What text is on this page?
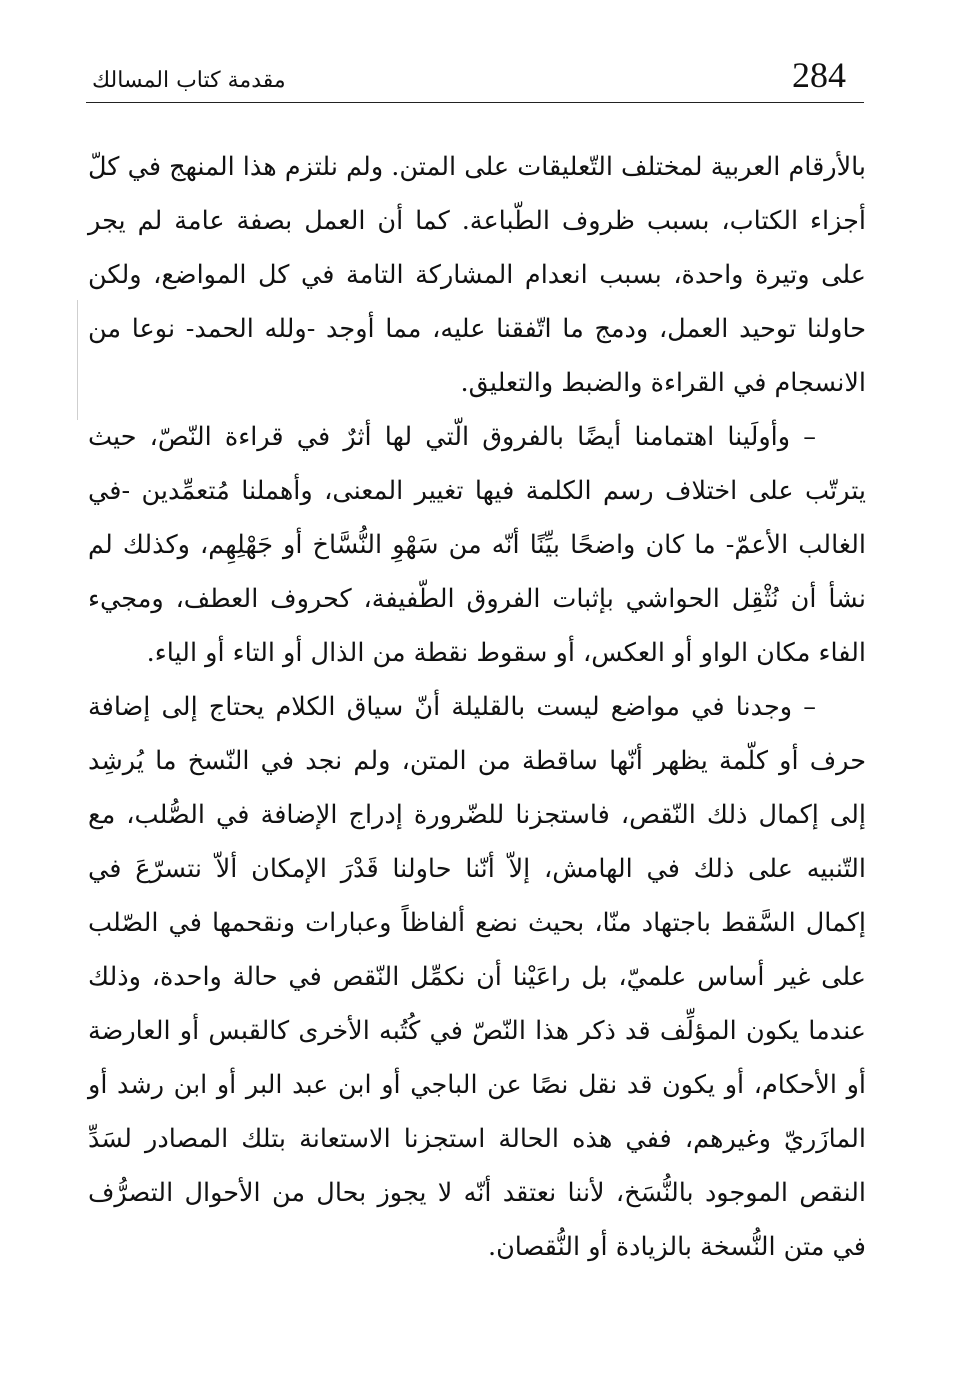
284
مقدمة كتاب المسالك

بالأرقام العربية لمختلف التّعليقات على المتن. ولم نلتزم هذا المنهج في كلّ أجزاء الكتاب، بسبب ظروف الطّباعة. كما أن العمل بصفة عامة لم يجر على وتيرة واحدة، بسبب انعدام المشاركة التامة في كل المواضع، ولكن حاولنا توحيد العمل، ودمج ما اتّفقنا عليه، مما أوجد -ولله الحمد- نوعا من الانسجام في القراءة والضبط والتعليق.

– وأولَينا اهتمامنا أيضًا بالفروق الّتي لها أثرٌ في قراءة النّصّ، حيث يترتّب على اختلاف رسم الكلمة فيها تغيير المعنى، وأهملنا مُتعمِّدين -في الغالب الأعمّ- ما كان واضحًا بيِّنًا أنّه من سَهْوِ النُّسَّاخ أو جَهْلِهِم، وكذلك لم نشأ أن نُثْقِل الحواشي بإثبات الفروق الطّفيفة، كحروف العطف، ومجيء الفاء مكان الواو أو العكس، أو سقوط نقطة من الذال أو التاء أو الياء.

– وجدنا في مواضع ليست بالقليلة أنّ سياق الكلام يحتاج إلى إضافة حرف أو كلّمة يظهر أنّها ساقطة من المتن، ولم نجد في النّسخ ما يُرشِد إلى إكمال ذلك النّقص، فاستجزنا للضّرورة إدراج الإضافة في الصُّلب، مع التّنبيه على ذلك في الهامش، إلاّ أنّنا حاولنا قَدْرَ الإمكان ألاّ نتسرّعَ في إكمال السَّقط باجتهاد منّا، بحيث نضع ألفاظاً وعبارات ونقحمها في الصّلب على غير أساس علميّ، بل راعَيْنا أن نكمِّل النّقص في حالة واحدة، وذلك عندما يكون المؤلِّف قد ذكر هذا النّصّ في كُتُبه الأخرى كالقبس أو العارضة أو الأحكام، أو يكون قد نقل نصًا عن الباجي أو ابن عبد البر أو ابن رشد أو المازَريّ وغيرهم، ففي هذه الحالة استجزنا الاستعانة بتلك المصادر لسَدِّ النقص الموجود بالنُّسَخ، لأننا نعتقد أنّه لا يجوز بحال من الأحوال التصرُّف في متن النُّسخة بالزيادة أو النُّقصان.
